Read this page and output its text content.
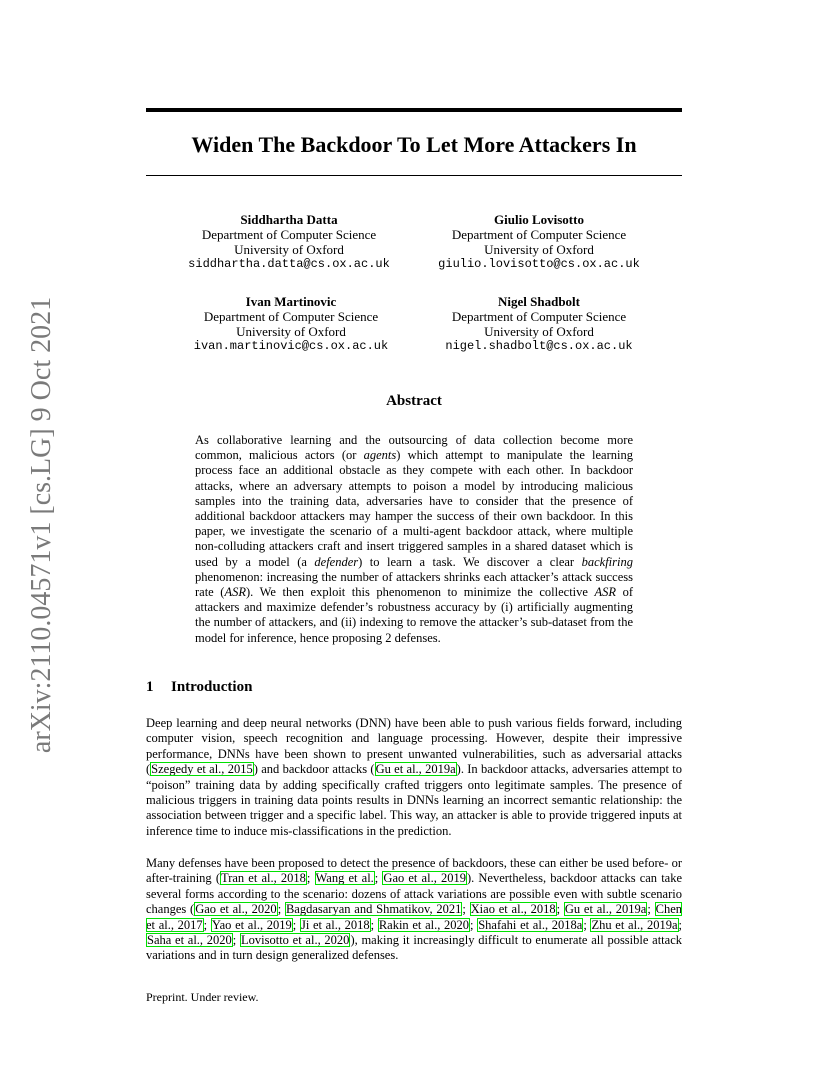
arXiv:2110.04571v1 [cs.LG] 9 Oct 2021
Widen The Backdoor To Let More Attackers In
Siddhartha Datta
Department of Computer Science
University of Oxford
siddhartha.datta@cs.ox.ac.uk
Giulio Lovisotto
Department of Computer Science
University of Oxford
giulio.lovisotto@cs.ox.ac.uk
Ivan Martinovic
Department of Computer Science
University of Oxford
ivan.martinovic@cs.ox.ac.uk
Nigel Shadbolt
Department of Computer Science
University of Oxford
nigel.shadbolt@cs.ox.ac.uk
Abstract
As collaborative learning and the outsourcing of data collection become more common, malicious actors (or agents) which attempt to manipulate the learning process face an additional obstacle as they compete with each other. In backdoor attacks, where an adversary attempts to poison a model by introducing malicious samples into the training data, adversaries have to consider that the presence of additional backdoor attackers may hamper the success of their own backdoor. In this paper, we investigate the scenario of a multi-agent backdoor attack, where multiple non-colluding attackers craft and insert triggered samples in a shared dataset which is used by a model (a defender) to learn a task. We discover a clear backfiring phenomenon: increasing the number of attackers shrinks each attacker’s attack success rate (ASR). We then exploit this phenomenon to minimize the collective ASR of attackers and maximize defender’s robustness accuracy by (i) artificially augmenting the number of attackers, and (ii) indexing to remove the attacker’s sub-dataset from the model for inference, hence proposing 2 defenses.
1 Introduction
Deep learning and deep neural networks (DNN) have been able to push various fields forward, including computer vision, speech recognition and language processing. However, despite their impressive performance, DNNs have been shown to present unwanted vulnerabilities, such as adversarial attacks (Szegedy et al., 2015) and backdoor attacks (Gu et al., 2019a). In backdoor attacks, adversaries attempt to “poison” training data by adding specifically crafted triggers onto legitimate samples. The presence of malicious triggers in training data points results in DNNs learning an incorrect semantic relationship: the association between trigger and a specific label. This way, an attacker is able to provide triggered inputs at inference time to induce mis-classifications in the prediction.
Many defenses have been proposed to detect the presence of backdoors, these can either be used before- or after-training (Tran et al., 2018; Wang et al.; Gao et al., 2019). Nevertheless, backdoor attacks can take several forms according to the scenario: dozens of attack variations are possible even with subtle scenario changes (Gao et al., 2020; Bagdasaryan and Shmatikov, 2021; Xiao et al., 2018; Gu et al., 2019a; Chen et al., 2017; Yao et al., 2019; Ji et al., 2018; Rakin et al., 2020; Shafahi et al., 2018a; Zhu et al., 2019a; Saha et al., 2020; Lovisotto et al., 2020), making it increasingly difficult to enumerate all possible attack variations and in turn design generalized defenses.
Preprint. Under review.
